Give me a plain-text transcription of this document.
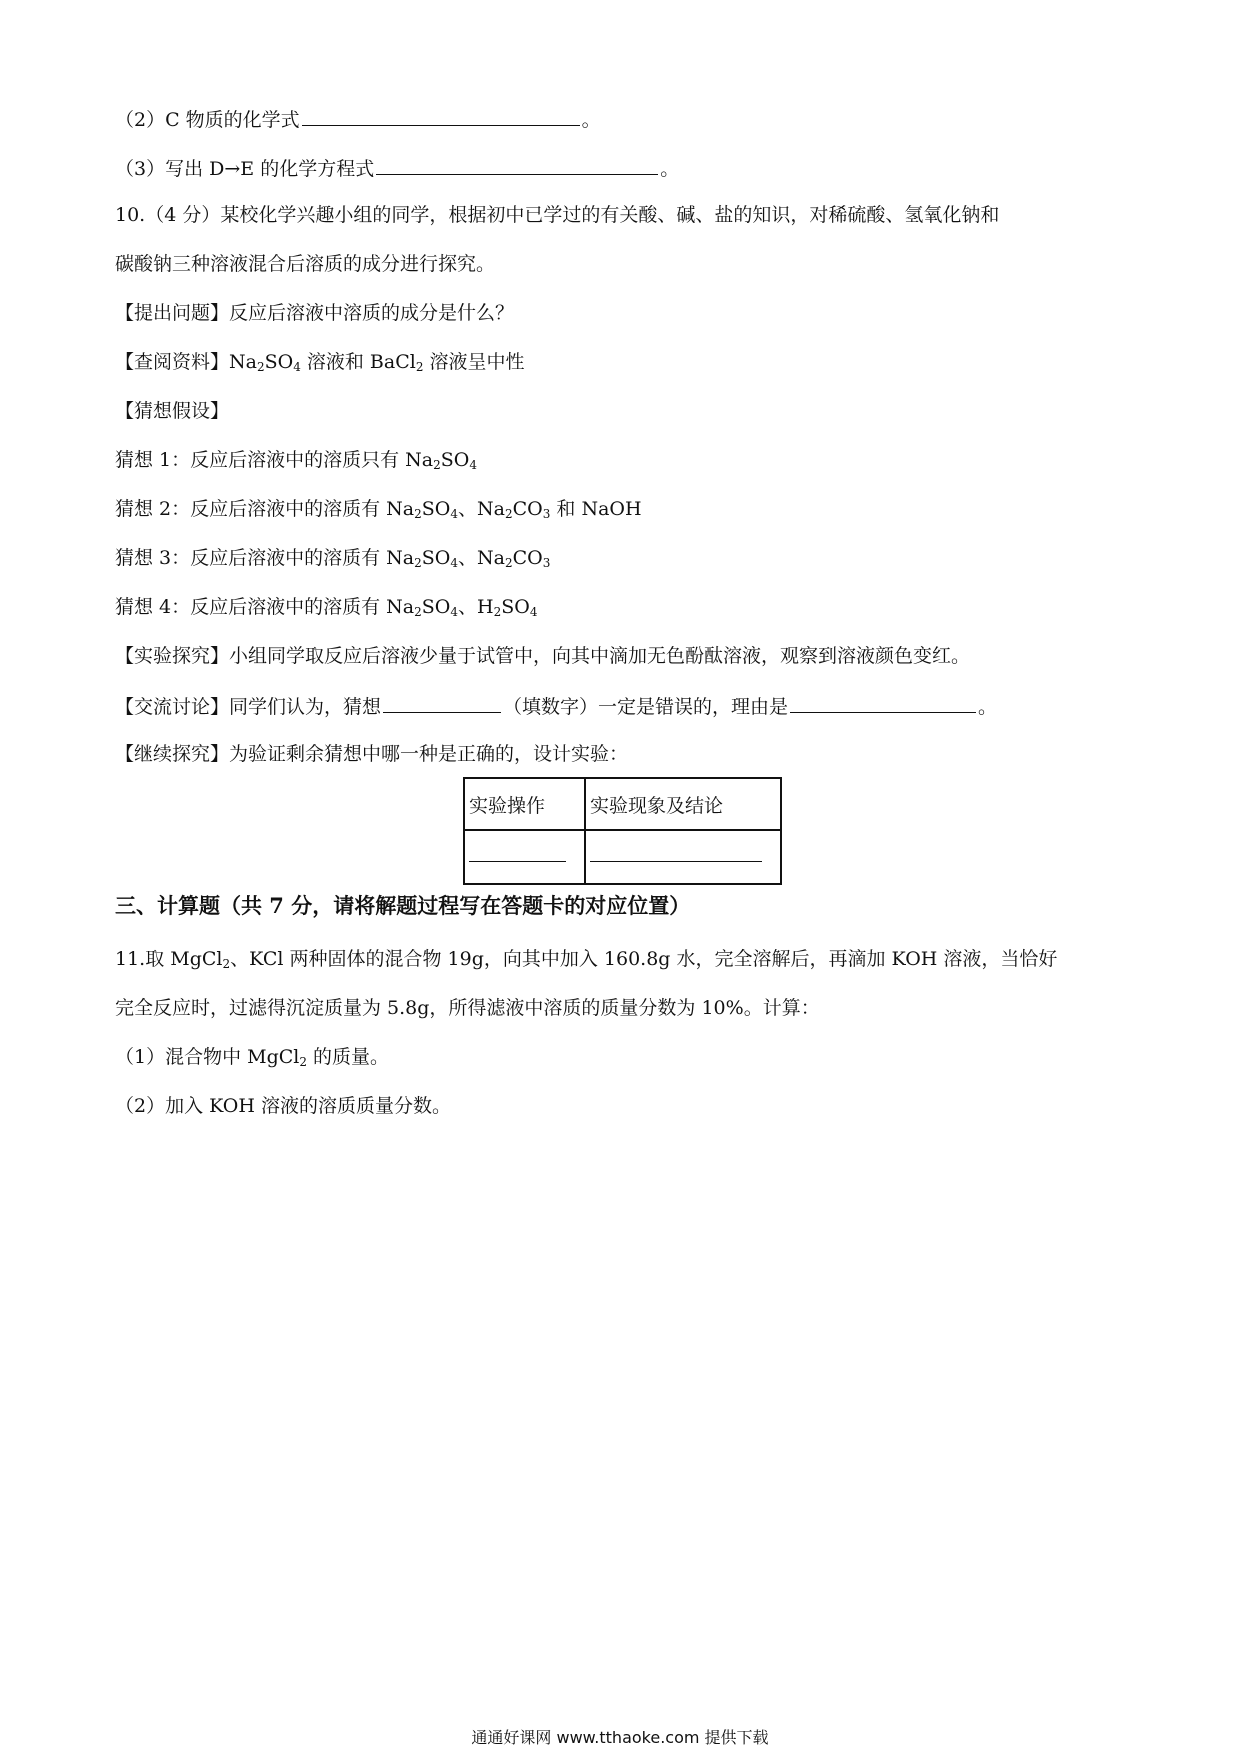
（2）C 物质的化学式	。
（3）写出 D→E 的化学方程式	。
10.（4 分）某校化学兴趣小组的同学，根据初中已学过的有关酸、碱、盐的知识，对稀硫酸、氢氧化钠和
碳酸钠三种溶液混合后溶质的成分进行探究。
【提出问题】反应后溶液中溶质的成分是什么？
【查阅资料】$Na_2SO_4$ 溶液和 BaCl$_2$ 溶液呈中性
【猜想假设】
猜想 1：反应后溶液中的溶质只有 $Na_2SO_4$
猜想 2：反应后溶液中的溶质有 $Na_2SO_4$、$Na_2CO_3$ 和 NaOH
猜想 3：反应后溶液中的溶质有 $Na_2SO_4$、$Na_2CO_3$
猜想 4：反应后溶液中的溶质有 $Na_2SO_4$、$H_2SO_4$
【实验探究】小组同学取反应后溶液少量于试管中，向其中滴加无色酚酞溶液，观察到溶液颜色变红。
【交流讨论】同学们认为，猜想	（填数字）一定是错误的，理由是	。
【继续探究】为验证剩余猜想中哪一种是正确的，设计实验：
实验操作	实验现象及结论

三、计算题（共 7 分，请将解题过程写在答题卡的对应位置）
11.取 MgCl$_2$、KCl 两种固体的混合物 19g，向其中加入 160.8g 水，完全溶解后，再滴加 KOH 溶液，当恰好
完全反应时，过滤得沉淀质量为 5.8g，所得滤液中溶质的质量分数为 10%。计算：
（1）混合物中 MgCl$_2$ 的质量。
（2）加入 KOH 溶液的溶质质量分数。
通通好课网 www.tthaoke.com 提供下载
